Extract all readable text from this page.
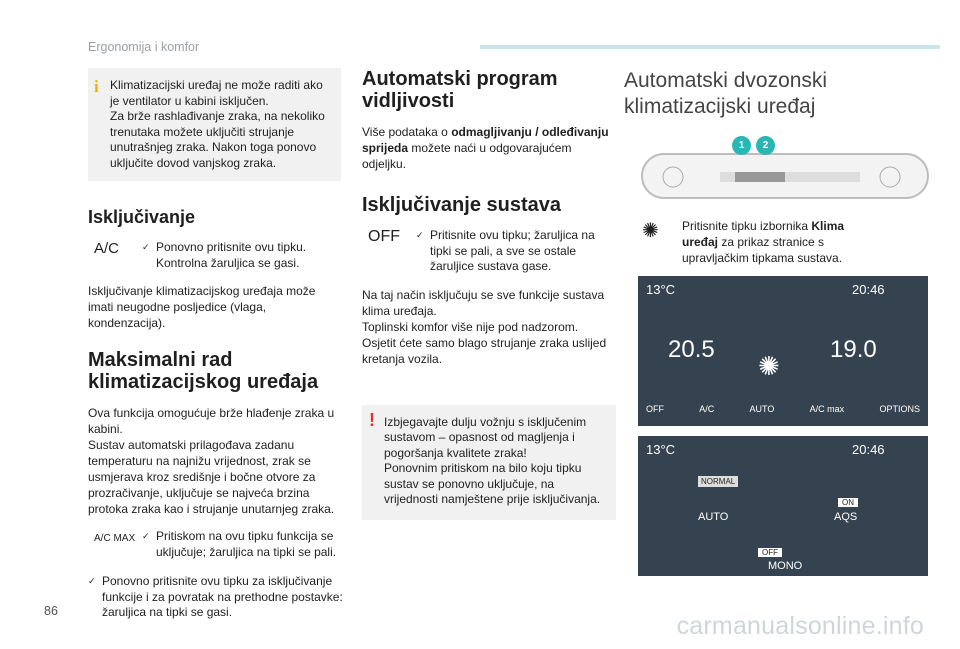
Ergonomija i komfor
i Klimatizacijski uređaj ne može raditi ako je ventilator u kabini isključen.
Za brže rashlađivanje zraka, na nekoliko trenutaka možete uključiti strujanje unutrašnjeg zraka. Nakon toga ponovo uključite dovod vanjskog zraka.
Isključivanje
A/C	✓ Ponovno pritisnite ovu tipku. Kontrolna žaruljica se gasi.
Isključivanje klimatizacijskog uređaja može imati neugodne posljedice (vlaga, kondenzacija).
Maksimalni rad klimatizacijskog uređaja
Ova funkcija omogućuje brže hlađenje zraka u kabini.
Sustav automatski prilagođava zadanu temperaturu na najnižu vrijednost, zrak se usmjerava kroz središnje i bočne otvore za prozračivanje, uključuje se najveća brzina protoka zraka kao i strujanje unutarnjeg zraka.
A/C MAX ✓ Pritiskom na ovu tipku funkcija se uključuje; žaruljica na tipki se pali.
✓ Ponovno pritisnite ovu tipku za isključivanje funkcije i za povratak na prethodne postavke: žaruljica na tipki se gasi.
Automatski program vidljivosti
Više podataka o odmagljivanju / odleđivanju sprijeda možete naći u odgovarajućem odjeljku.
Isključivanje sustava
OFF	✓ Pritisnite ovu tipku; žaruljica na tipki se pali, a sve se ostale žaruljice sustava gase.
Na taj način isključuju se sve funkcije sustava klima uređaja.
Toplinski komfor više nije pod nadzorom.
Osjetit ćete samo blago strujanje zraka uslijed kretanja vozila.
! Izbjegavajte dulju vožnju s isključenim sustavom – opasnost od magljenja i pogoršanja kvalitete zraka!
Ponovnim pritiskom na bilo koju tipku sustav se ponovno uključuje, na vrijednosti namještene prije isključivanja.
Automatski dvozonski klimatizacijski uređaj
1	2
✺	Pritisnite tipku izbornika Klima uređaj za prikaz stranice s upravljačkim tipkama sustava.
13°C	20:46
20.5	19.0
✺
OFF	A/C	AUTO	A/C max	OPTIONS
13°C	20:46
NORMAL
AUTO
ON
AQS
OFF
MONO
86
carmanualsonline.info
